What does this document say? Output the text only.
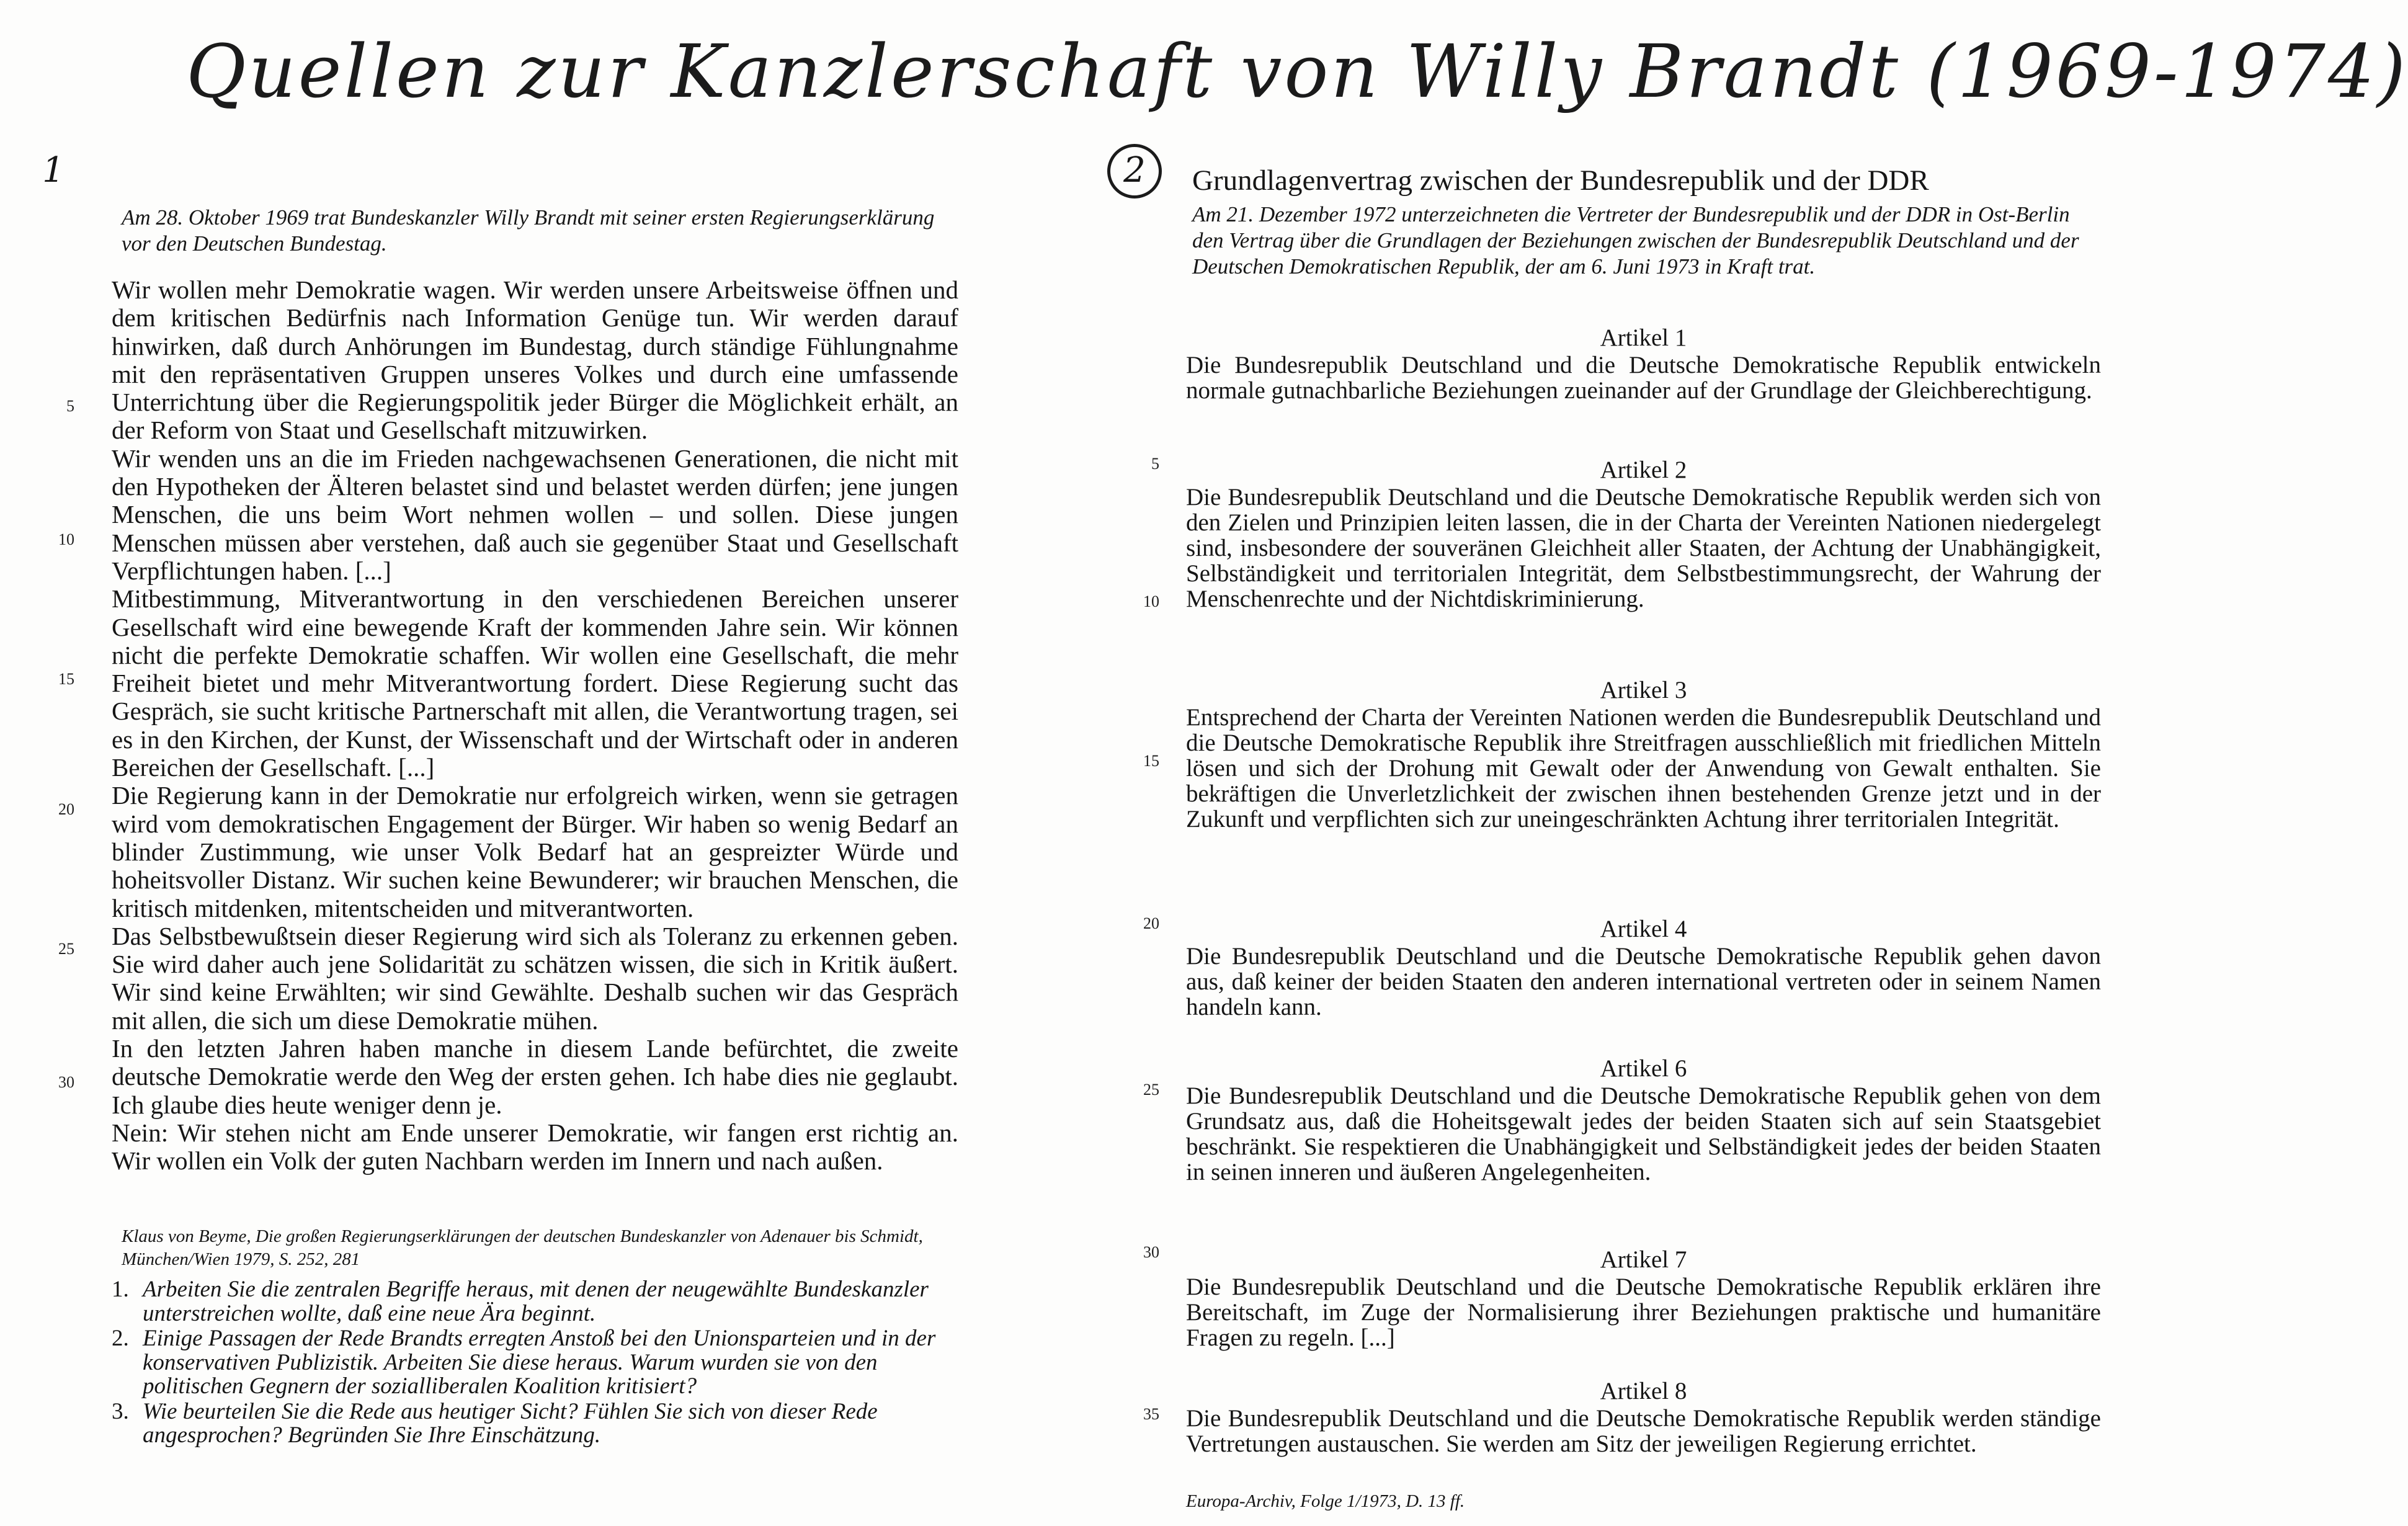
Quellen zur Kanzlerschaft von Willy Brandt (1969-1974)
1
Am 28. Oktober 1969 trat Bundeskanzler Willy Brandt mit seiner ersten Regierungserklärung vor den Deutschen Bundestag.
5
10
15
20
25
30

Wir wollen mehr Demokratie wagen. Wir werden unsere Arbeitsweise öffnen und dem kritischen Bedürfnis nach Information Genüge tun. Wir werden darauf hinwirken, daß durch Anhörungen im Bundestag, durch ständige Fühlungnahme mit den repräsentativen Gruppen unseres Volkes und durch eine umfassende Unterrichtung über die Regierungspolitik jeder Bürger die Möglichkeit erhält, an der Reform von Staat und Gesellschaft mitzuwirken.

Wir wenden uns an die im Frieden nachgewachsenen Generationen, die nicht mit den Hypotheken der Älteren belastet sind und belastet werden dürfen; jene jungen Menschen, die uns beim Wort nehmen wollen – und sollen. Diese jungen Menschen müssen aber verstehen, daß auch sie gegenüber Staat und Gesellschaft Verpflichtungen haben. [...]

Mitbestimmung, Mitverantwortung in den verschiedenen Bereichen unserer Gesellschaft wird eine bewegende Kraft der kommenden Jahre sein. Wir können nicht die perfekte Demokratie schaffen. Wir wollen eine Gesellschaft, die mehr Freiheit bietet und mehr Mitverantwortung fordert. Diese Regierung sucht das Gespräch, sie sucht kritische Partnerschaft mit allen, die Verantwortung tragen, sei es in den Kirchen, der Kunst, der Wissenschaft und der Wirtschaft oder in anderen Bereichen der Gesellschaft. [...]

Die Regierung kann in der Demokratie nur erfolgreich wirken, wenn sie getragen wird vom demokratischen Engagement der Bürger. Wir haben so wenig Bedarf an blinder Zustimmung, wie unser Volk Bedarf hat an gespreizter Würde und hoheitsvoller Distanz. Wir suchen keine Bewunderer; wir brauchen Menschen, die kritisch mitdenken, mitentscheiden und mitverantworten.

Das Selbstbewußtsein dieser Regierung wird sich als Toleranz zu erkennen geben. Sie wird daher auch jene Solidarität zu schätzen wissen, die sich in Kritik äußert. Wir sind keine Erwählten; wir sind Gewählte. Deshalb suchen wir das Gespräch mit allen, die sich um diese Demokratie mühen.

In den letzten Jahren haben manche in diesem Lande befürchtet, die zweite deutsche Demokratie werde den Weg der ersten gehen. Ich habe dies nie geglaubt. Ich glaube dies heute weniger denn je.

Nein: Wir stehen nicht am Ende unserer Demokratie, wir fangen erst richtig an. Wir wollen ein Volk der guten Nachbarn werden im Innern und nach außen.

Klaus von Beyme, Die großen Regierungserklärungen der deutschen Bundeskanzler von Adenauer bis Schmidt, München/Wien 1979, S. 252, 281
1. Arbeiten Sie die zentralen Begriffe heraus, mit denen der neugewählte Bundeskanzler unterstreichen wollte, daß eine neue Ära beginnt.
2. Einige Passagen der Rede Brandts erregten Anstoß bei den Unionsparteien und in der konservativen Publizistik. Arbeiten Sie diese heraus. Warum wurden sie von den politischen Gegnern der sozialliberalen Koalition kritisiert?
3. Wie beurteilen Sie die Rede aus heutiger Sicht? Fühlen Sie sich von dieser Rede angesprochen? Begründen Sie Ihre Einschätzung.
2	Grundlagenvertrag zwischen der Bundesrepublik und der DDR
Am 21. Dezember 1972 unterzeichneten die Vertreter der Bundesrepublik und der DDR in Ost-Berlin den Vertrag über die Grundlagen der Beziehungen zwischen der Bundesrepublik Deutschland und der Deutschen Demokratischen Republik, der am 6. Juni 1973 in Kraft trat.
5
10
15
20
25
30
35
Artikel 1
Die Bundesrepublik Deutschland und die Deutsche Demokratische Republik entwickeln normale gutnachbarliche Beziehungen zueinander auf der Grundlage der Gleichberechtigung.
Artikel 2
Die Bundesrepublik Deutschland und die Deutsche Demokratische Republik werden sich von den Zielen und Prinzipien leiten lassen, die in der Charta der Vereinten Nationen niedergelegt sind, insbesondere der souveränen Gleichheit aller Staaten, der Achtung der Unabhängigkeit, Selbständigkeit und territorialen Integrität, dem Selbstbestimmungsrecht, der Wahrung der Menschenrechte und der Nichtdiskriminierung.
Artikel 3
Entsprechend der Charta der Vereinten Nationen werden die Bundesrepublik Deutschland und die Deutsche Demokratische Republik ihre Streitfragen ausschließlich mit friedlichen Mitteln lösen und sich der Drohung mit Gewalt oder der Anwendung von Gewalt enthalten. Sie bekräftigen die Unverletzlichkeit der zwischen ihnen bestehenden Grenze jetzt und in der Zukunft und verpflichten sich zur uneingeschränkten Achtung ihrer territorialen Integrität.
Artikel 4
Die Bundesrepublik Deutschland und die Deutsche Demokratische Republik gehen davon aus, daß keiner der beiden Staaten den anderen international vertreten oder in seinem Namen handeln kann.
Artikel 6
Die Bundesrepublik Deutschland und die Deutsche Demokratische Republik gehen von dem Grundsatz aus, daß die Hoheitsgewalt jedes der beiden Staaten sich auf sein Staatsgebiet beschränkt. Sie respektieren die Unabhängigkeit und Selbständigkeit jedes der beiden Staaten in seinen inneren und äußeren Angelegenheiten.
Artikel 7
Die Bundesrepublik Deutschland und die Deutsche Demokratische Republik erklären ihre Bereitschaft, im Zuge der Normalisierung ihrer Beziehungen praktische und humanitäre Fragen zu regeln. [...]
Artikel 8
Die Bundesrepublik Deutschland und die Deutsche Demokratische Republik werden ständige Vertretungen austauschen. Sie werden am Sitz der jeweiligen Regierung errichtet.
Europa-Archiv, Folge 1/1973, D. 13 ff.
